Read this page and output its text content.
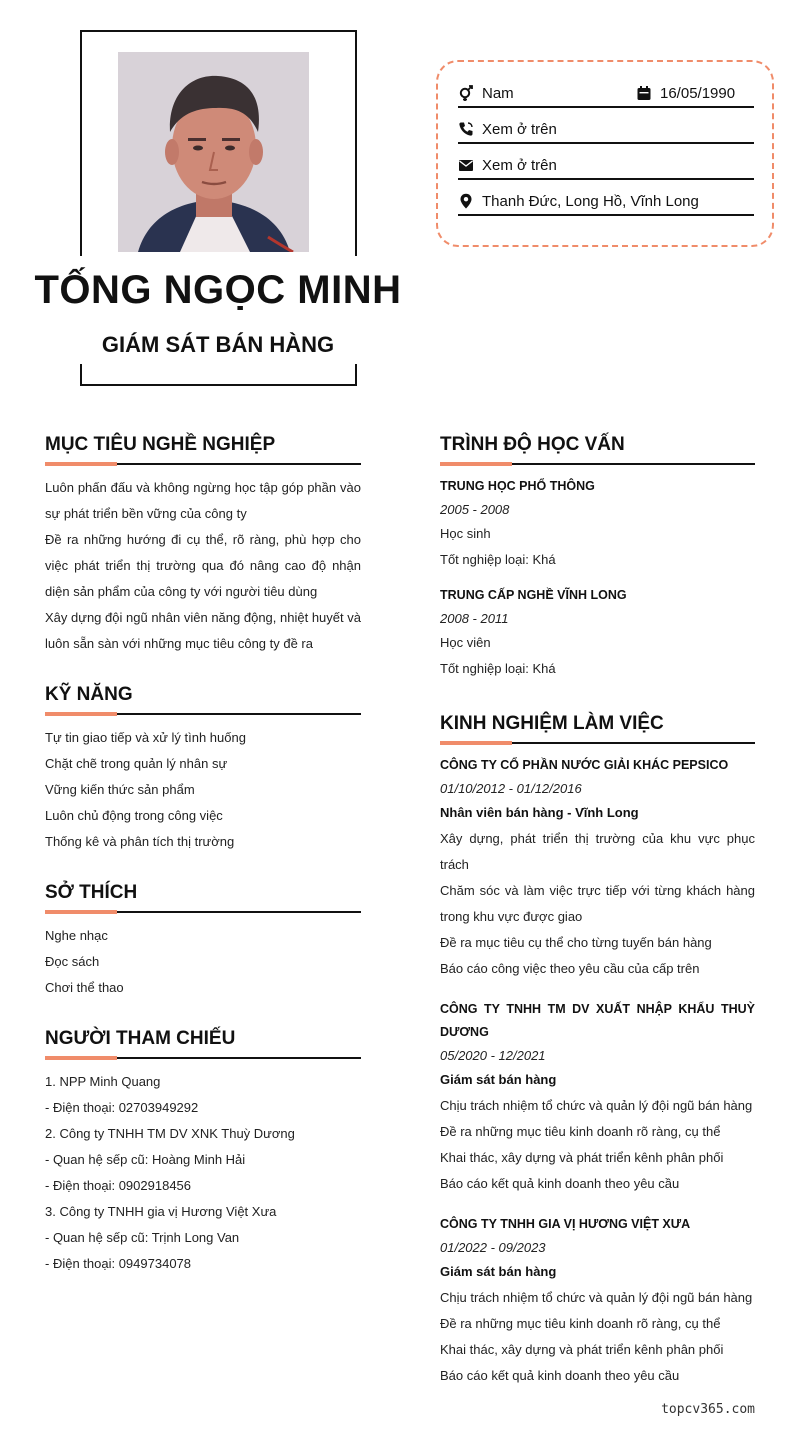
TỐNG NGỌC MINH
GIÁM SÁT BÁN HÀNG
Nam	16/05/1990
Xem ở trên
Xem ở trên
Thanh Đức, Long Hồ, Vĩnh Long
MỤC TIÊU NGHỀ NGHIỆP
Luôn phấn đấu và không ngừng học tập góp phần vào sự phát triển bền vững của công ty
Đề ra những hướng đi cụ thể, rõ ràng, phù hợp cho việc phát triển thị trường qua đó nâng cao độ nhận diện sản phẩm của công ty với người tiêu dùng
Xây dựng đội ngũ nhân viên năng động, nhiệt huyết và luôn sẵn sàn với những mục tiêu công ty đề ra
KỸ NĂNG
Tự tin giao tiếp và xử lý tình huống
Chặt chẽ trong quản lý nhân sự
Vững kiến thức sản phẩm
Luôn chủ động trong công việc
Thống kê và phân tích thị trường
SỞ THÍCH
Nghe nhạc
Đọc sách
Chơi thể thao
NGƯỜI THAM CHIẾU
1. NPP Minh Quang
- Điện thoại: 02703949292
2. Công ty TNHH TM DV XNK Thuỳ Dương
- Quan hệ sếp cũ: Hoàng Minh Hải
- Điện thoại: 0902918456
3. Công ty TNHH gia vị Hương Việt Xưa
- Quan hệ sếp cũ: Trịnh Long Van
- Điện thoại: 0949734078
TRÌNH ĐỘ HỌC VẤN
TRUNG HỌC PHỔ THÔNG
2005 - 2008
Học sinh
Tốt nghiệp loại: Khá
TRUNG CẤP NGHỀ VĨNH LONG
2008 - 2011
Học viên
Tốt nghiệp loại: Khá
KINH NGHIỆM LÀM VIỆC
CÔNG TY CỔ PHẦN NƯỚC GIẢI KHÁC PEPSICO
01/10/2012 - 01/12/2016
Nhân viên bán hàng - Vĩnh Long
Xây dựng, phát triển thị trường của khu vực phục trách
Chăm sóc và làm việc trực tiếp với từng khách hàng trong khu vực được giao
Đề ra mục tiêu cụ thể cho từng tuyến bán hàng
Báo cáo công việc theo yêu cầu của cấp trên
CÔNG TY TNHH TM DV XUẤT NHẬP KHẨU THUỲ DƯƠNG
05/2020 - 12/2021
Giám sát bán hàng
Chịu trách nhiệm tổ chức và quản lý đội ngũ bán hàng
Đề ra những mục tiêu kinh doanh rõ ràng, cụ thể
Khai thác, xây dựng và phát triển kênh phân phối
Báo cáo kết quả kinh doanh theo yêu cầu
CÔNG TY TNHH GIA VỊ HƯƠNG VIỆT XƯA
01/2022 - 09/2023
Giám sát bán hàng
Chịu trách nhiệm tổ chức và quản lý đội ngũ bán hàng
Đề ra những mục tiêu kinh doanh rõ ràng, cụ thể
Khai thác, xây dựng và phát triển kênh phân phối
Báo cáo kết quả kinh doanh theo yêu cầu
topcv365.com
